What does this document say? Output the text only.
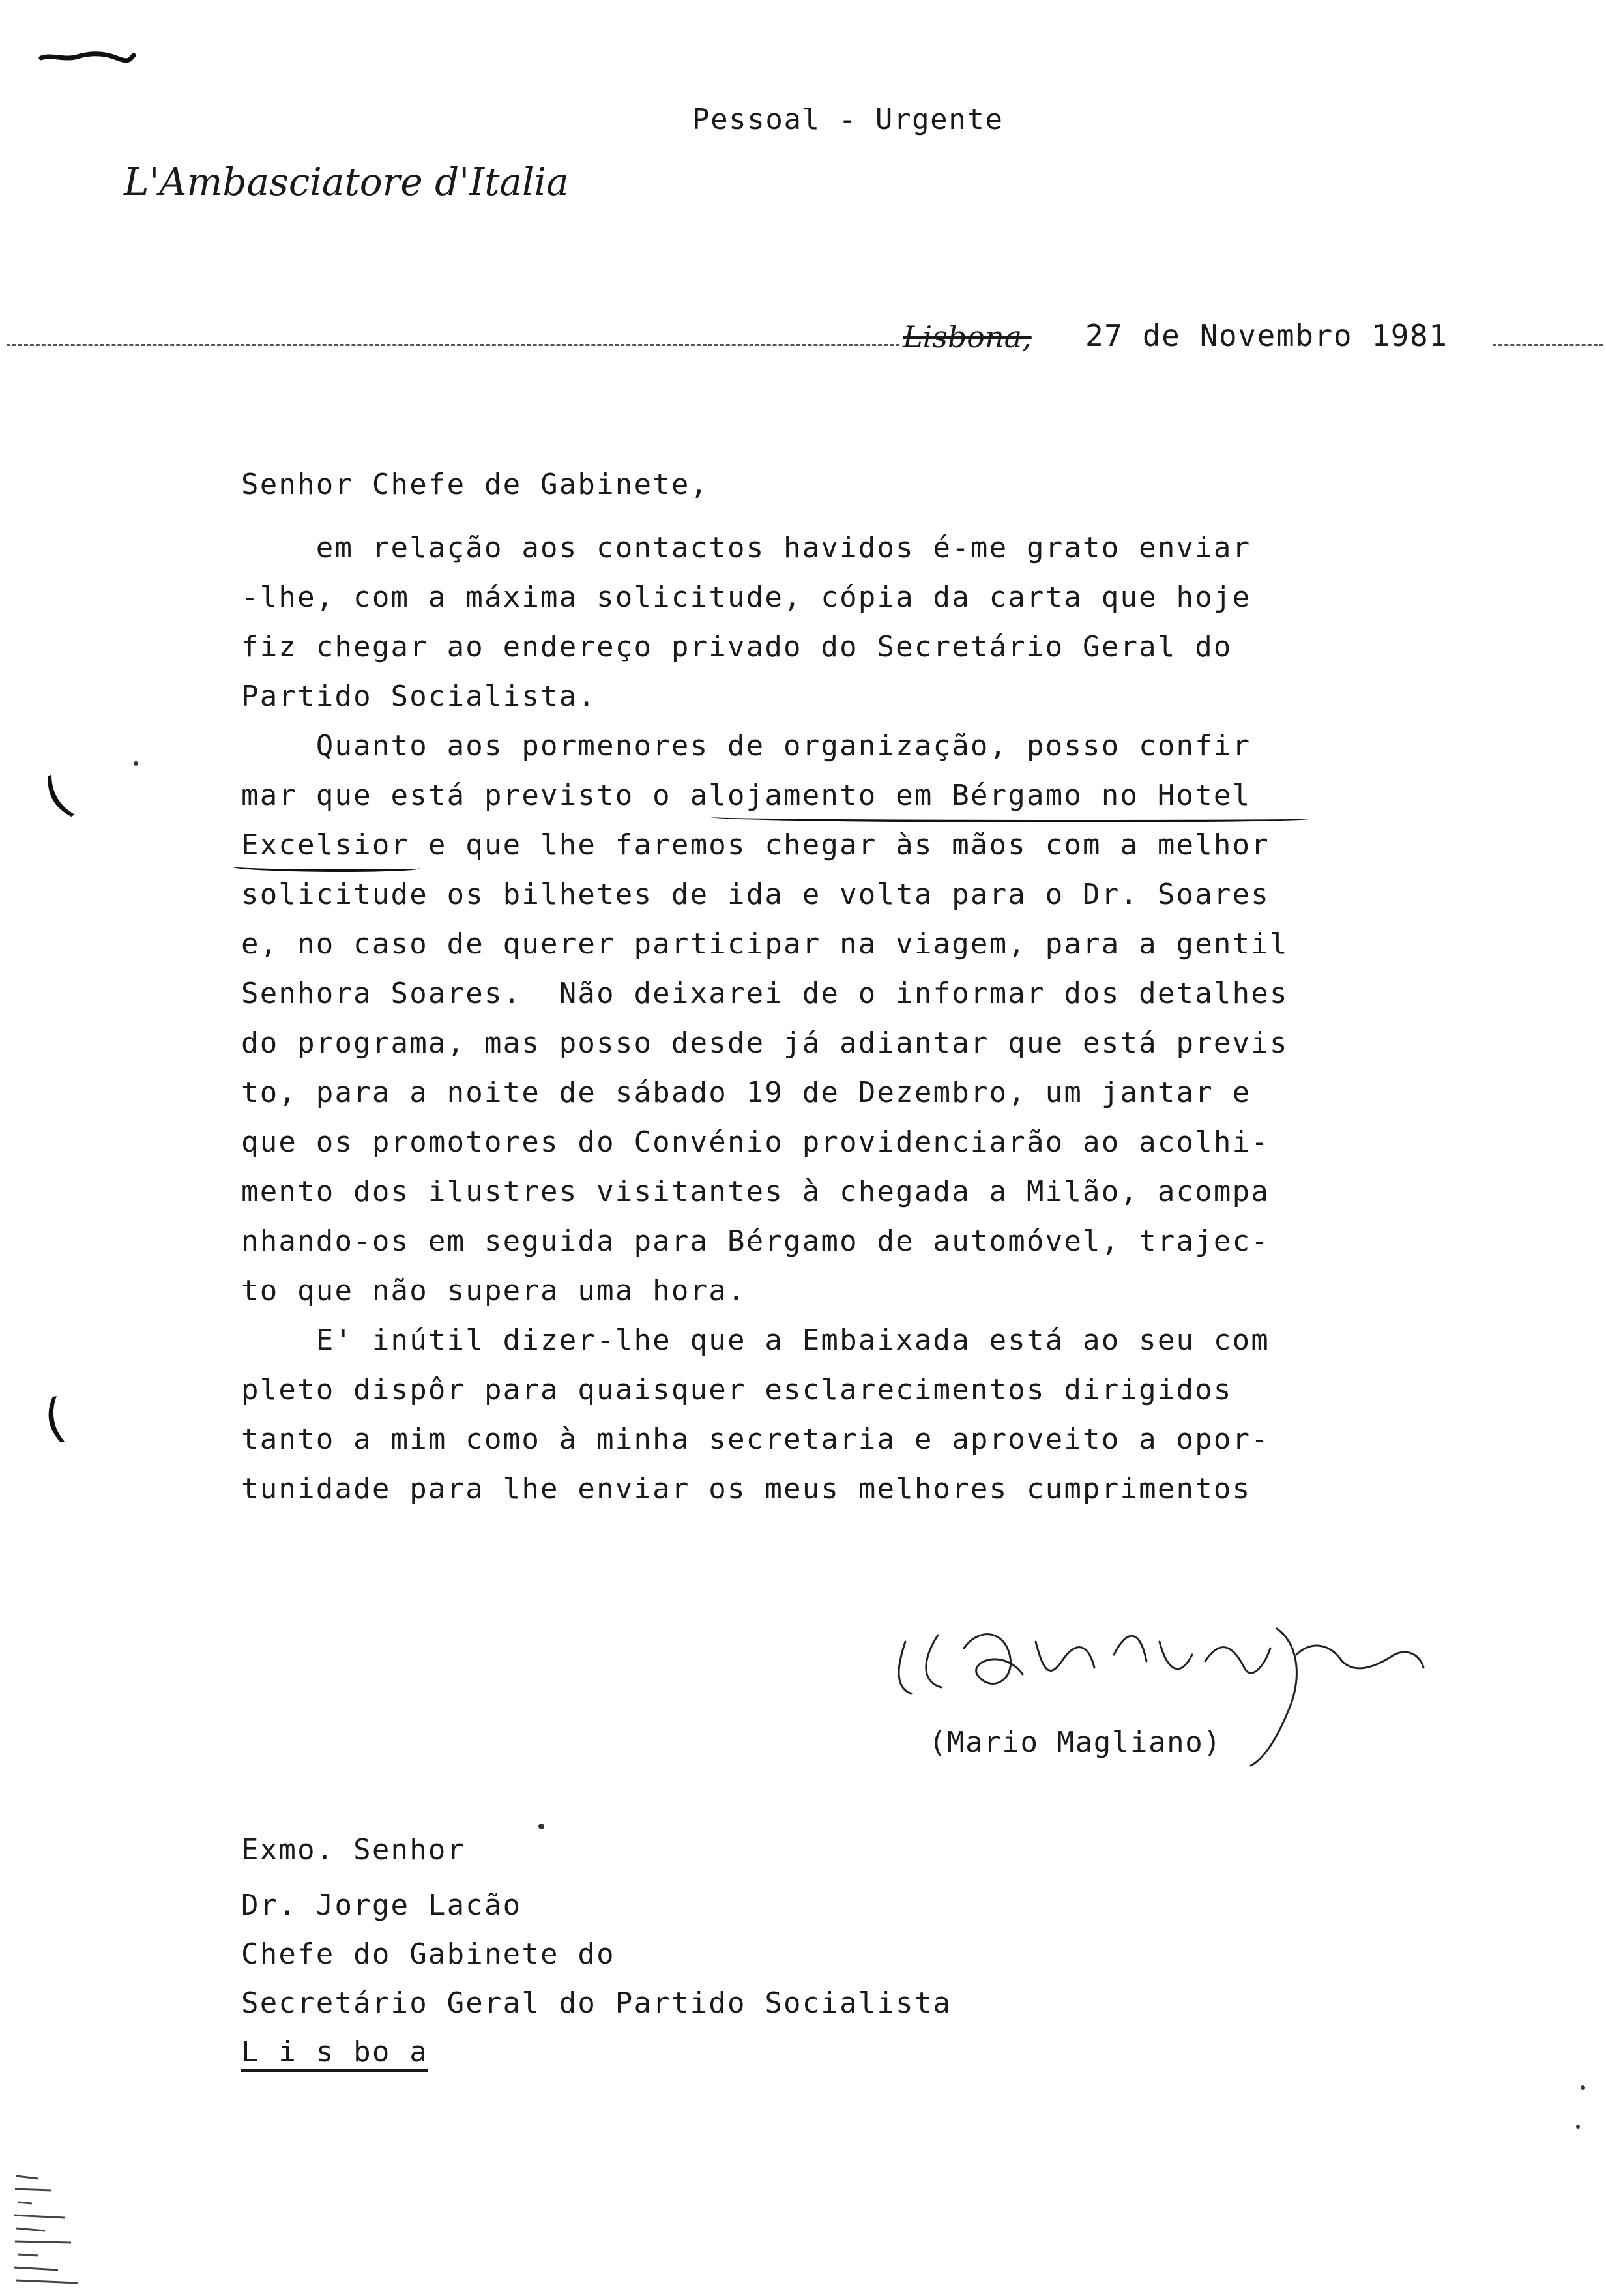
Pessoal - Urgente
L'Ambasciatore d'Italia
Lisbona, 27 de Novembro 1981
Senhor Chefe de Gabinete,
em relação aos contactos havidos é-me grato enviar
-lhe, com a máxima solicitude, cópia da carta que hoje
fiz chegar ao endereço privado do Secretário Geral do
Partido Socialista.
Quanto aos pormenores de organização, posso confir
mar que está previsto o alojamento em Bérgamo no Hotel
Excelsior e que lhe faremos chegar às mãos com a melhor
solicitude os bilhetes de ida e volta para o Dr. Soares
e, no caso de querer participar na viagem, para a gentil
Senhora Soares.  Não deixarei de o informar dos detalhes
do programa, mas posso desde já adiantar que está previs
to, para a noite de sábado 19 de Dezembro, um jantar e
que os promotores do Convénio providenciarão ao acolhi-
mento dos ilustres visitantes à chegada a Milão, acompa
nhando-os em seguida para Bérgamo de automóvel, trajec-
to que não supera uma hora.
E' inútil dizer-lhe que a Embaixada está ao seu com
pleto dispôr para quaisquer esclarecimentos dirigidos
tanto a mim como à minha secretaria e aproveito a opor-
tunidade para lhe enviar os meus melhores cumprimentos
(
(

(Mario Magliano)
Exmo. Senhor
Dr. Jorge Lacão
Chefe do Gabinete do
Secretário Geral do Partido Socialista
L i s bo a
